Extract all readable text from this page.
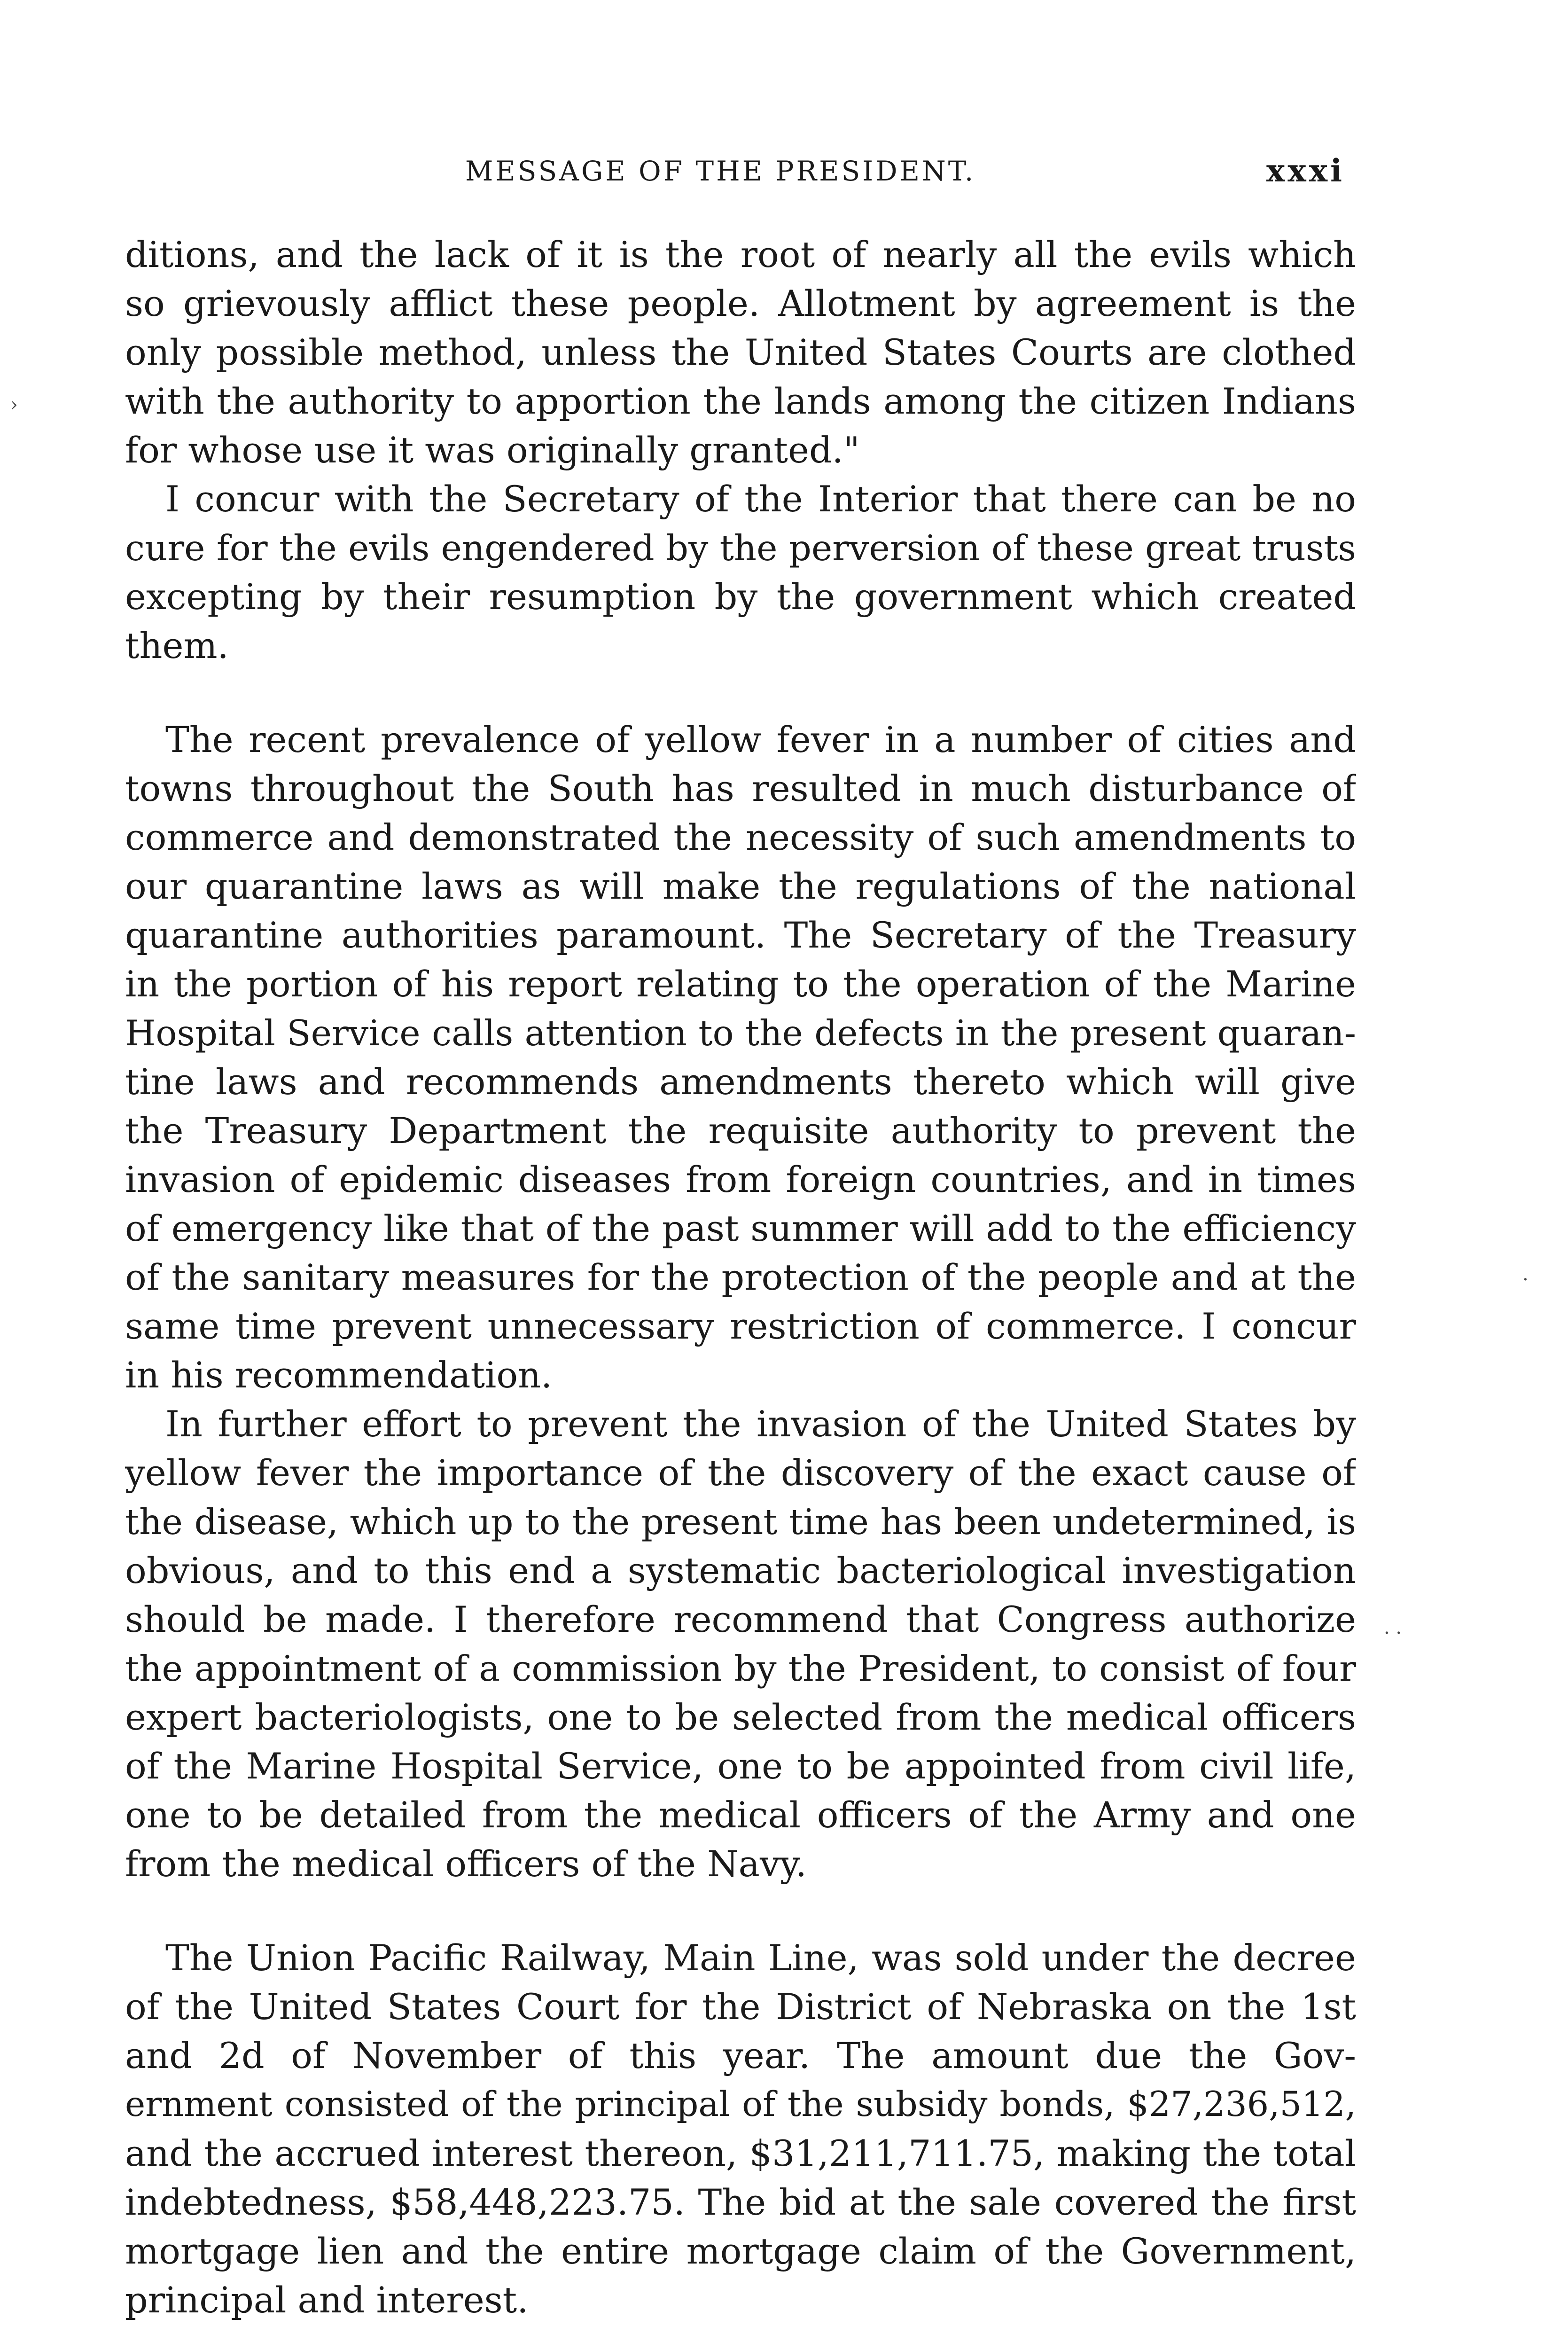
MESSAGE OF THE PRESIDENT.	xxxi
ditions, and the lack of it is the root of nearly all the evils which
so grievously afflict these people. Allotment by agreement is the
only possible method, unless the United States Courts are clothed
with the authority to apportion the lands among the citizen Indians
for whose use it was originally granted."
I concur with the Secretary of the Interior that there can be no
cure for the evils engendered by the perversion of these great trusts
excepting by their resumption by the government which created
them.
The recent prevalence of yellow fever in a number of cities and
towns throughout the South has resulted in much disturbance of
commerce and demonstrated the necessity of such amendments to
our quarantine laws as will make the regulations of the national
quarantine authorities paramount. The Secretary of the Treasury
in the portion of his report relating to the operation of the Marine
Hospital Service calls attention to the defects in the present quaran-
tine laws and recommends amendments thereto which will give
the Treasury Department the requisite authority to prevent the
invasion of epidemic diseases from foreign countries, and in times
of emergency like that of the past summer will add to the efficiency
of the sanitary measures for the protection of the people and at the
same time prevent unnecessary restriction of commerce. I concur
in his recommendation.
In further effort to prevent the invasion of the United States by
yellow fever the importance of the discovery of the exact cause of
the disease, which up to the present time has been undetermined, is
obvious, and to this end a systematic bacteriological investigation
should be made. I therefore recommend that Congress authorize
the appointment of a commission by the President, to consist of four
expert bacteriologists, one to be selected from the medical officers
of the Marine Hospital Service, one to be appointed from civil life,
one to be detailed from the medical officers of the Army and one
from the medical officers of the Navy.
The Union Pacific Railway, Main Line, was sold under the decree
of the United States Court for the District of Nebraska on the 1st
and 2d of November of this year. The amount due the Gov-
ernment consisted of the principal of the subsidy bonds, $27,236,512,
and the accrued interest thereon, $31,211,711.75, making the total
indebtedness, $58,448,223.75. The bid at the sale covered the first
mortgage lien and the entire mortgage claim of the Government,
principal and interest.
›
. .
·
